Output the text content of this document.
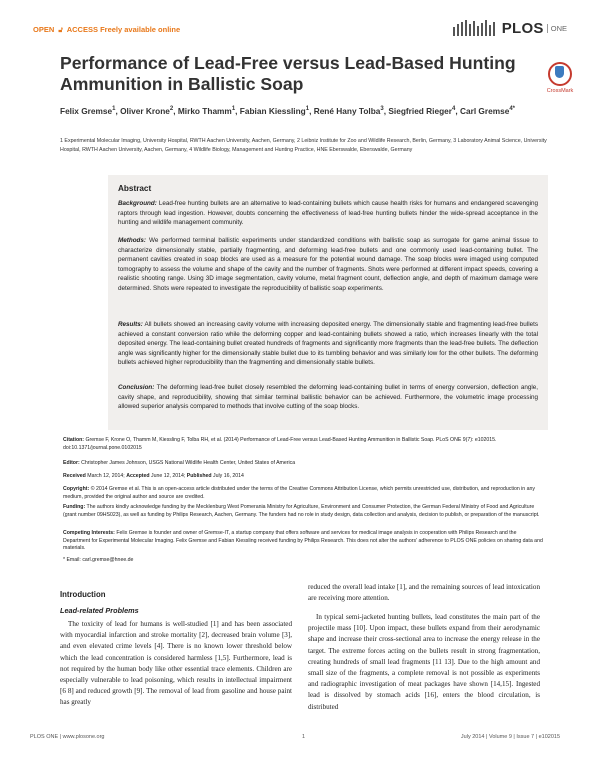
OPEN 🔓︎ ACCESS Freely available online	PLOS ONE
Performance of Lead-Free versus Lead-Based Hunting Ammunition in Ballistic Soap	CrossMark

Felix Gremse$^1$, Oliver Krone$^2$, Mirko Thamm$^1$, Fabian Kiessling$^1$, René Hany Tolba$^3$, Siegfried Rieger$^4$, Carl Gremse$^{4*}$

1 Experimental Molecular Imaging, University Hospital, RWTH Aachen University, Aachen, Germany, 2 Leibniz Institute for Zoo and Wildlife Research, Berlin, Germany, 3 Laboratory Animal Science, University Hospital, RWTH Aachen University, Aachen, Germany, 4 Wildlife Biology, Management and Hunting Practice, HNE Eberswalde, Eberswalde, Germany

Abstract

Background: Lead-free hunting bullets are an alternative to lead-containing bullets which cause health risks for humans and endangered scavenging raptors through lead ingestion. However, doubts concerning the effectiveness of lead-free hunting bullets hinder the wide-spread acceptance in the hunting and wildlife management community.

Methods: We performed terminal ballistic experiments under standardized conditions with ballistic soap as surrogate for game animal tissue to characterize dimensionally stable, partially fragmenting, and deforming lead-free bullets and one commonly used lead-containing bullet. The permanent cavities created in soap blocks are used as a measure for the potential wound damage. The soap blocks were imaged using computed tomography to assess the volume and shape of the cavity and the number of fragments. Shots were performed at different impact speeds, covering a realistic shooting range. Using 3D image segmentation, cavity volume, metal fragment count, deflection angle, and depth of maximum damage were determined. Shots were repeated to investigate the reproducibility of ballistic soap experiments.

Results: All bullets showed an increasing cavity volume with increasing deposited energy. The dimensionally stable and fragmenting lead-free bullets achieved a constant conversion ratio while the deforming copper and lead-containing bullets showed a ratio, which increases linearly with the total deposited energy. The lead-containing bullet created hundreds of fragments and significantly more fragments than the lead-free bullets. The deflection angle was significantly higher for the dimensionally stable bullet due to its tumbling behavior and was similarly low for the other bullets. The deforming bullets achieved higher reproducibility than the fragmenting and dimensionally stable bullets.

Conclusion: The deforming lead-free bullet closely resembled the deforming lead-containing bullet in terms of energy conversion, deflection angle, cavity shape, and reproducibility, showing that similar terminal ballistic behavior can be achieved. Furthermore, the volumetric image processing allowed superior analysis compared to methods that involve cutting of the soap blocks.

Citation: Gremse F, Krone O, Thamm M, Kiessling F, Tolba RH, et al. (2014) Performance of Lead-Free versus Lead-Based Hunting Ammunition in Ballistic Soap. PLoS ONE 9(7): e102015. doi:10.1371/journal.pone.0102015

Editor: Christopher James Johnson, USGS National Wildlife Health Center, United States of America

Received March 12, 2014; Accepted June 12, 2014; Published July 16, 2014

Copyright: © 2014 Gremse et al. This is an open-access article distributed under the terms of the Creative Commons Attribution License, which permits unrestricted use, distribution, and reproduction in any medium, provided the original author and source are credited.

Funding: The authors kindly acknowledge funding by the Mecklenburg West Pomerania Ministry for Agriculture, Environment and Consumer Protection, the German Federal Ministry of Food and Agriculture (grant number 09HS023), as well as funding by Philips Research, Aachen, Germany. The funders had no role in study design, data collection and analysis, decision to publish, or preparation of the manuscript.

Competing Interests: Felix Gremse is founder and owner of Gremse-IT, a startup company that offers software and services for medical image analysis in cooperation with Philips Research and the Department for Experimental Molecular Imaging. Felix Gremse and Fabian Kiessling received funding by Philips Research. This does not alter the authors' adherence to PLOS ONE policies on sharing data and materials.

* Email: carl.gremse@hnee.de

Introduction
Lead-related Problems

The toxicity of lead for humans is well-studied [1] and has been associated with myocardial infarction and stroke mortality [2], decreased brain volume [3], and even elevated crime levels [4]. There is no known lower threshold below which the lead concentration is considered harmless [1,5]. Furthermore, lead is not required by the human body like other essential trace elements. Children are especially vulnerable to lead poisoning, which results in intellectual impairment [6 8] and reduced growth [9]. The removal of lead from gasoline and house paint has greatly

reduced the overall lead intake [1], and the remaining sources of lead intoxication are receiving more attention.

In typical semi-jacketed hunting bullets, lead constitutes the main part of the projectile mass [10]. Upon impact, these bullets expand from their aerodynamic shape and increase their cross-sectional area to increase the energy release in the target. The extreme forces acting on the bullets result in strong fragmentation, creating hundreds of small lead fragments [11 13]. Due to the high amount and small size of the fragments, a complete removal is not possible as experiments and radiographic investigation of meat packages have shown [14,15]. Ingested lead is dissolved by stomach acids [16], enters the blood circulation, is distributed

PLOS ONE | www.plosone.org	1	July 2014 | Volume 9 | Issue 7 | e102015
